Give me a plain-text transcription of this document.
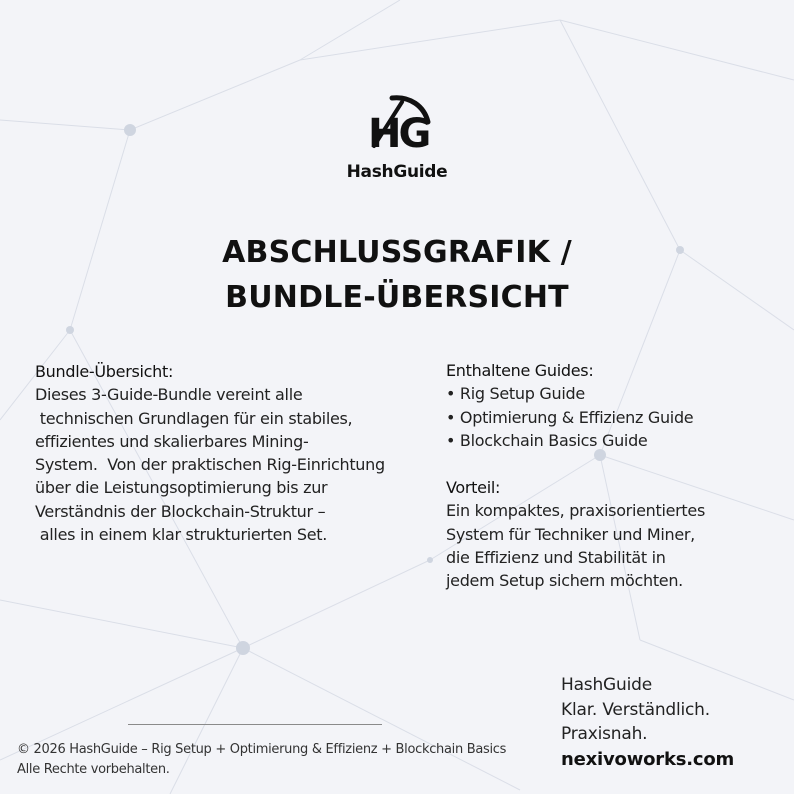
HG
HashGuide
ABSCHLUSSGRAFIK /
BUNDLE-ÜBERSICHT

Bundle-Übersicht:

Dieses 3-Guide-Bundle vereint alle

technischen Grundlagen für ein stabiles,

effizientes und skalierbares Mining-

System.  Von der praktischen Rig-Einrichtung

über die Leistungsoptimierung bis zur

Verständnis der Blockchain-Struktur –

alles in einem klar strukturierten Set.

Enthaltene Guides:

• Rig Setup Guide

• Optimierung & Effizienz Guide

• Blockchain Basics Guide

Vorteil:

Ein kompaktes, praxisorientiertes

System für Techniker und Miner,

die Effizienz und Stabilität in

jedem Setup sichern möchten.

© 2026 HashGuide – Rig Setup + Optimierung & Effizienz + Blockchain Basics

Alle Rechte vorbehalten.

HashGuide

Klar. Verständlich.

Praxisnah.

nexivoworks.com
